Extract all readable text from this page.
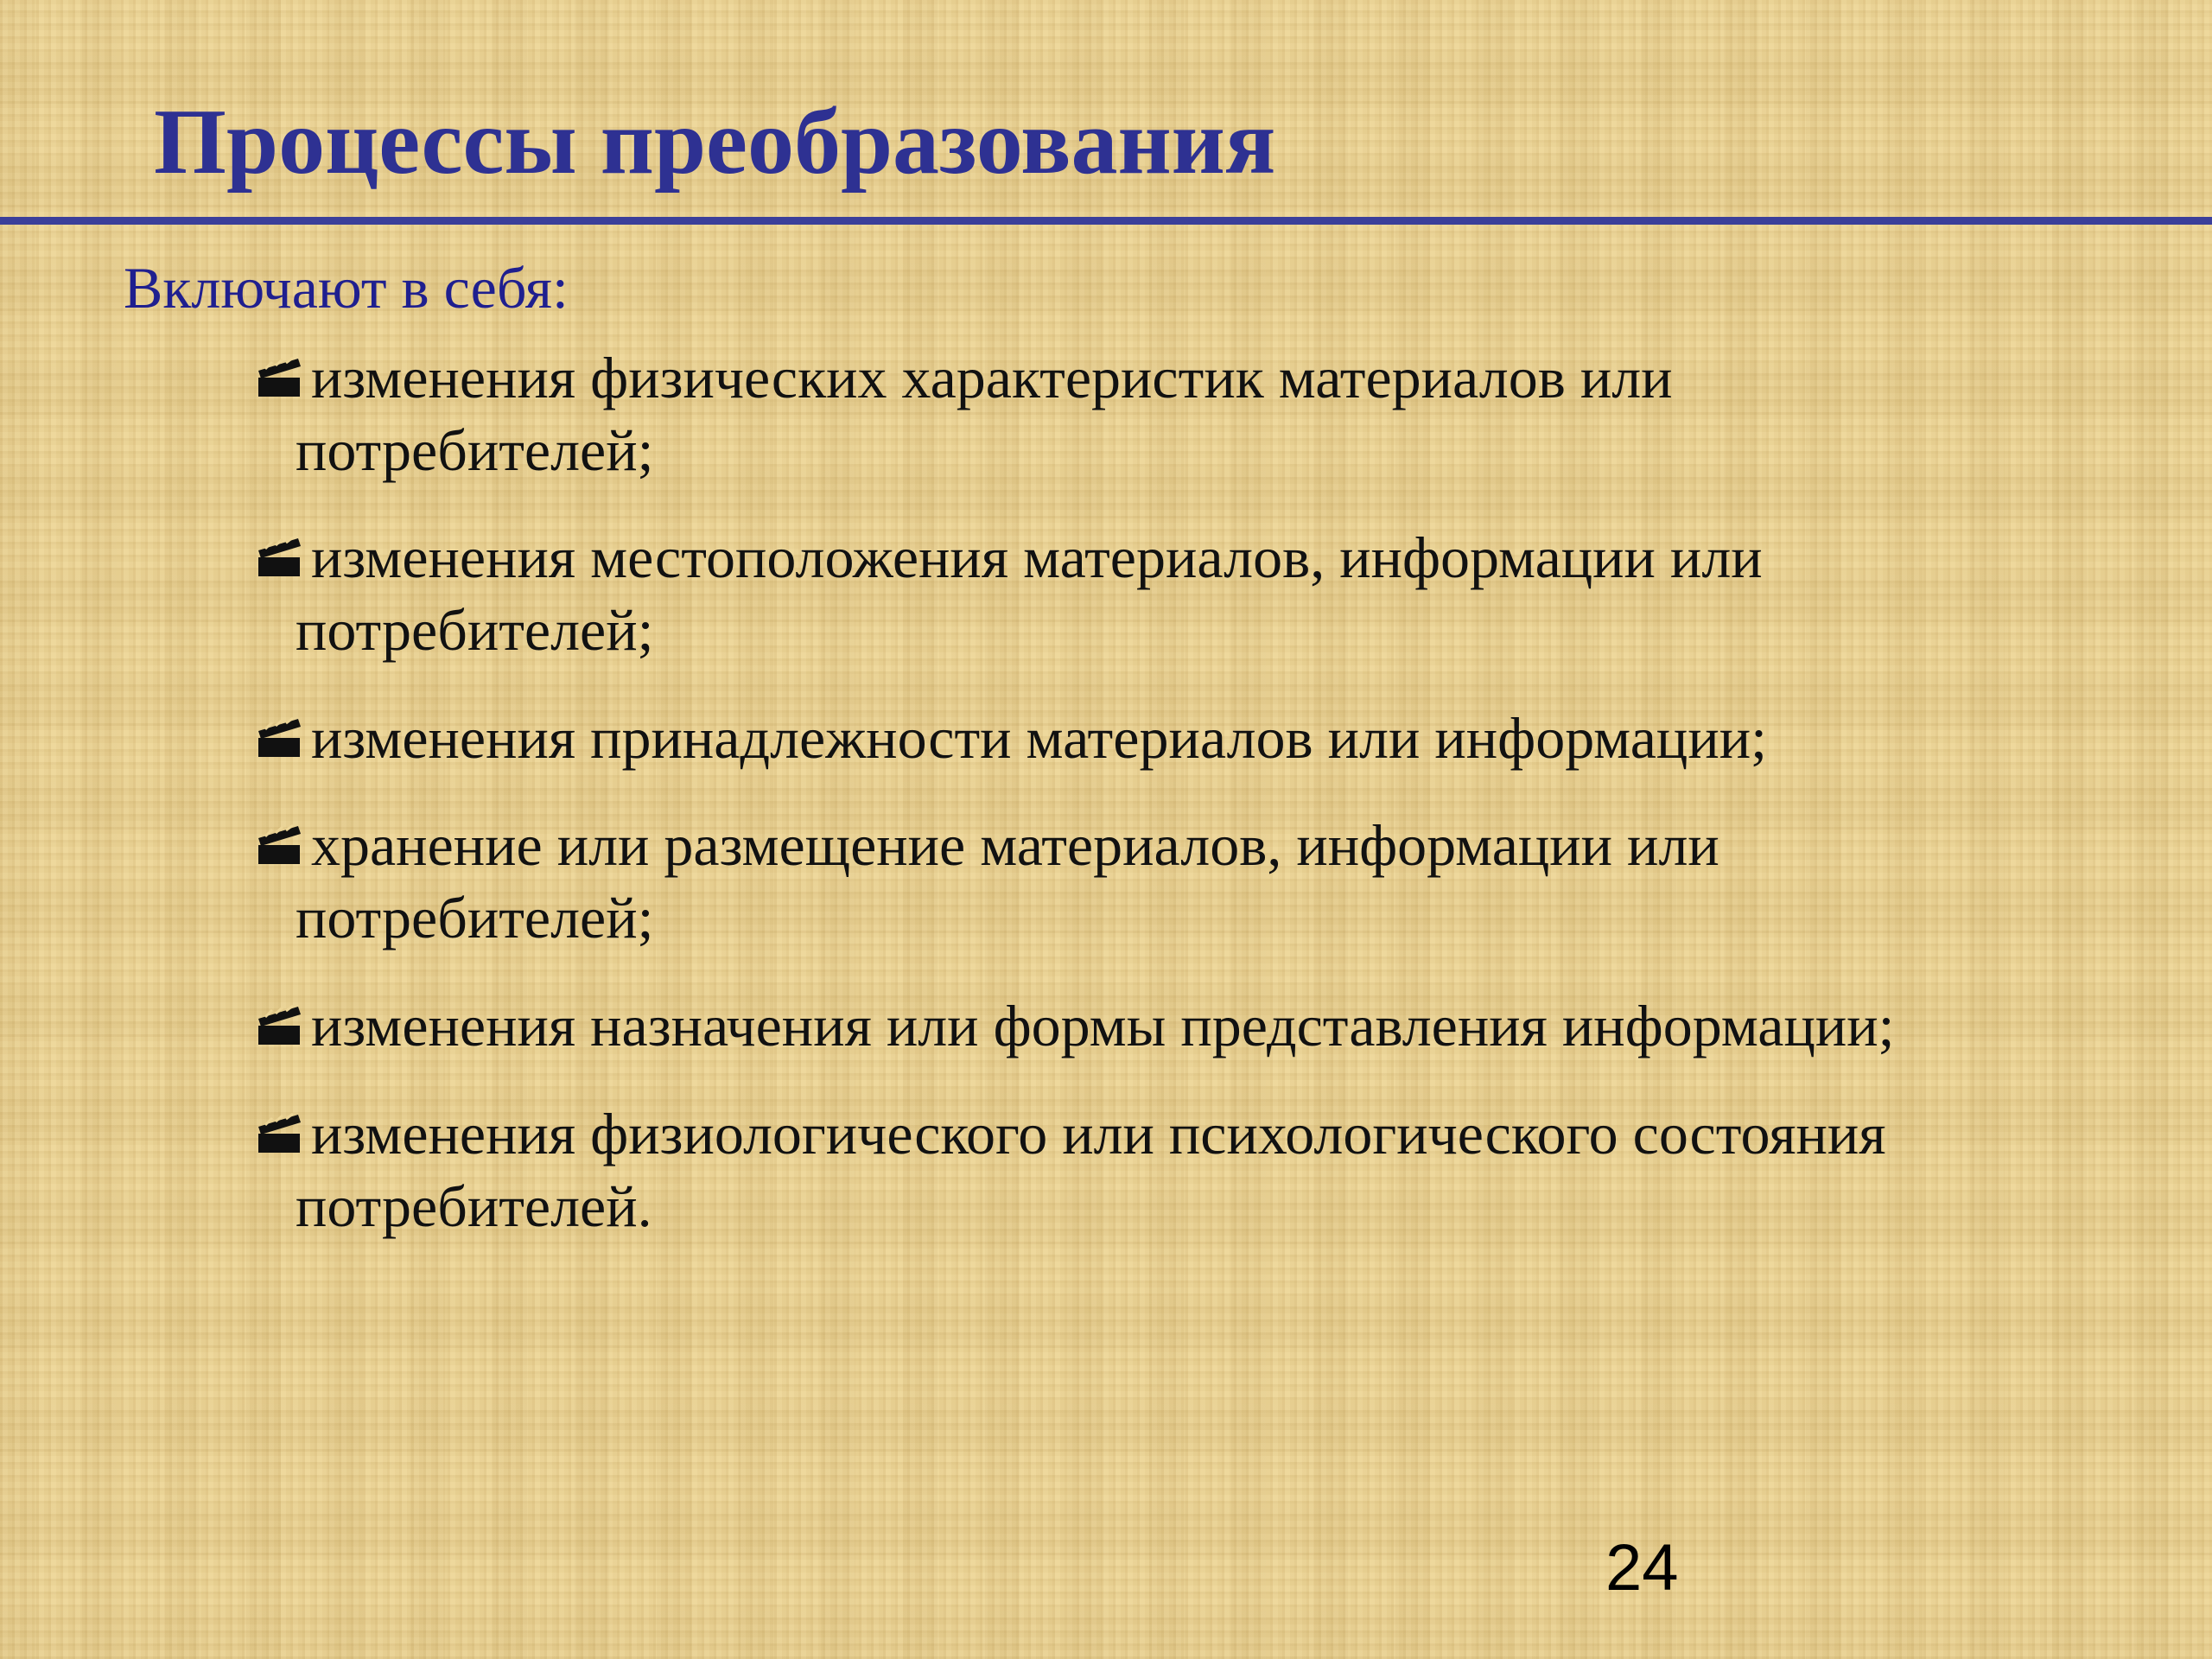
Процессы преобразования

Включают в себя:

изменения физических характеристик материалов или
потребителей;
изменения местоположения материалов, информации или
потребителей;
изменения принадлежности материалов или информации;
хранение или размещение материалов, информации или
потребителей;
изменения назначения или формы представления информации;
изменения физиологического или психологического состояния
потребителей.
24
